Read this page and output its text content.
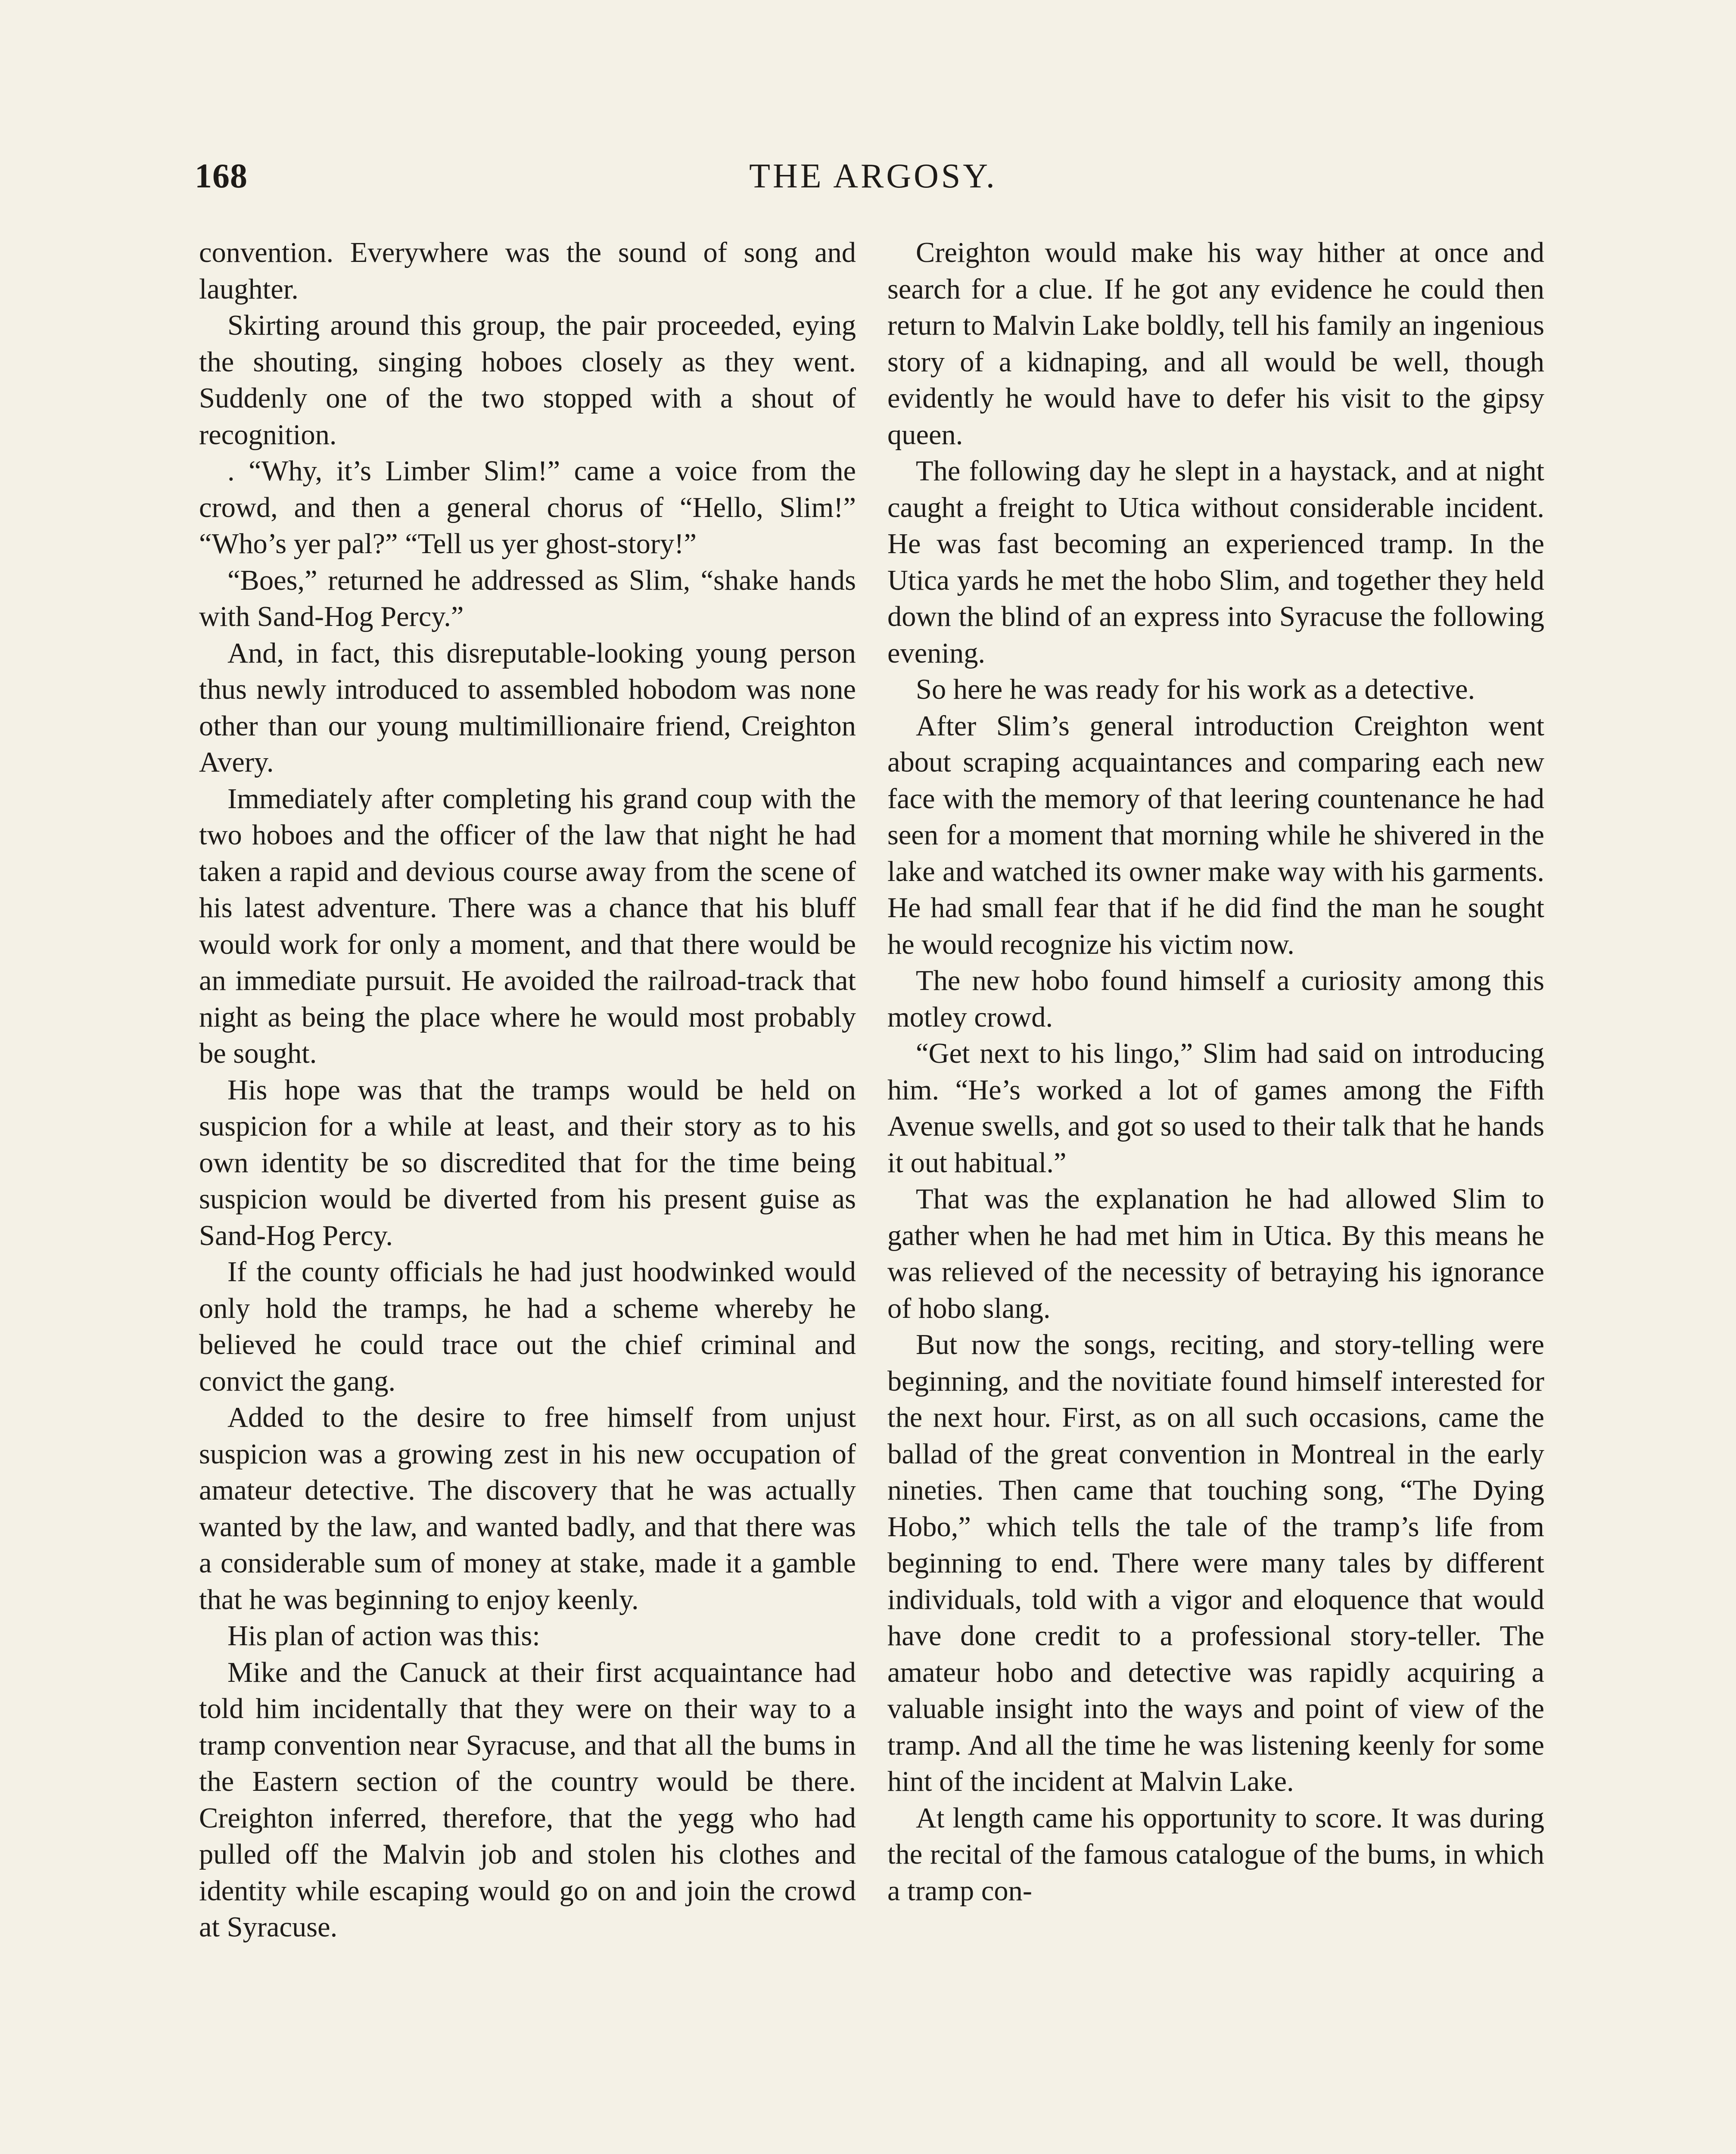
168	THE ARGOSY.

convention. Everywhere was the sound of song and laughter.

Skirting around this group, the pair proceeded, eying the shouting, singing hoboes closely as they went. Suddenly one of the two stopped with a shout of recognition.

. “Why, it’s Limber Slim!” came a voice from the crowd, and then a general chorus of “Hello, Slim!” “Who’s yer pal?” “Tell us yer ghost-story!”

“Boes,” returned he addressed as Slim, “shake hands with Sand-Hog Percy.”

And, in fact, this disreputable-looking young person thus newly introduced to assembled hobodom was none other than our young multimillionaire friend, Creighton Avery.

Immediately after completing his grand coup with the two hoboes and the officer of the law that night he had taken a rapid and devious course away from the scene of his latest adventure. There was a chance that his bluff would work for only a moment, and that there would be an immediate pursuit. He avoided the railroad-track that night as being the place where he would most probably be sought.

His hope was that the tramps would be held on suspicion for a while at least, and their story as to his own identity be so discredited that for the time being suspicion would be diverted from his present guise as Sand-Hog Percy.

If the county officials he had just hoodwinked would only hold the tramps, he had a scheme whereby he believed he could trace out the chief criminal and convict the gang.

Added to the desire to free himself from unjust suspicion was a growing zest in his new occupation of amateur detective. The discovery that he was actually wanted by the law, and wanted badly, and that there was a considerable sum of money at stake, made it a gamble that he was beginning to enjoy keenly.

His plan of action was this:

Mike and the Canuck at their first acquaintance had told him incidentally that they were on their way to a tramp convention near Syracuse, and that all the bums in the Eastern section of the country would be there. Creighton inferred, therefore, that the yegg who had pulled off the Malvin job and stolen his clothes and identity while escaping would go on and join the crowd at Syracuse.

Creighton would make his way hither at once and search for a clue. If he got any evidence he could then return to Malvin Lake boldly, tell his family an ingenious story of a kidnaping, and all would be well, though evidently he would have to defer his visit to the gipsy queen.

The following day he slept in a haystack, and at night caught a freight to Utica without considerable incident. He was fast becoming an experienced tramp. In the Utica yards he met the hobo Slim, and together they held down the blind of an express into Syracuse the following evening.

So here he was ready for his work as a detective.

After Slim’s general introduction Creighton went about scraping acquaintances and comparing each new face with the memory of that leering countenance he had seen for a moment that morning while he shivered in the lake and watched its owner make way with his garments. He had small fear that if he did find the man he sought he would recognize his victim now.

The new hobo found himself a curiosity among this motley crowd.

“Get next to his lingo,” Slim had said on introducing him. “He’s worked a lot of games among the Fifth Avenue swells, and got so used to their talk that he hands it out habitual.”

That was the explanation he had allowed Slim to gather when he had met him in Utica. By this means he was relieved of the necessity of betraying his ignorance of hobo slang.

But now the songs, reciting, and story-telling were beginning, and the novitiate found himself interested for the next hour. First, as on all such occasions, came the ballad of the great convention in Montreal in the early nineties. Then came that touching song, “The Dying Hobo,” which tells the tale of the tramp’s life from beginning to end. There were many tales by different individuals, told with a vigor and eloquence that would have done credit to a professional story-teller. The amateur hobo and detective was rapidly acquiring a valuable insight into the ways and point of view of the tramp. And all the time he was listening keenly for some hint of the incident at Malvin Lake.

At length came his opportunity to score. It was during the recital of the famous catalogue of the bums, in which a tramp con-
